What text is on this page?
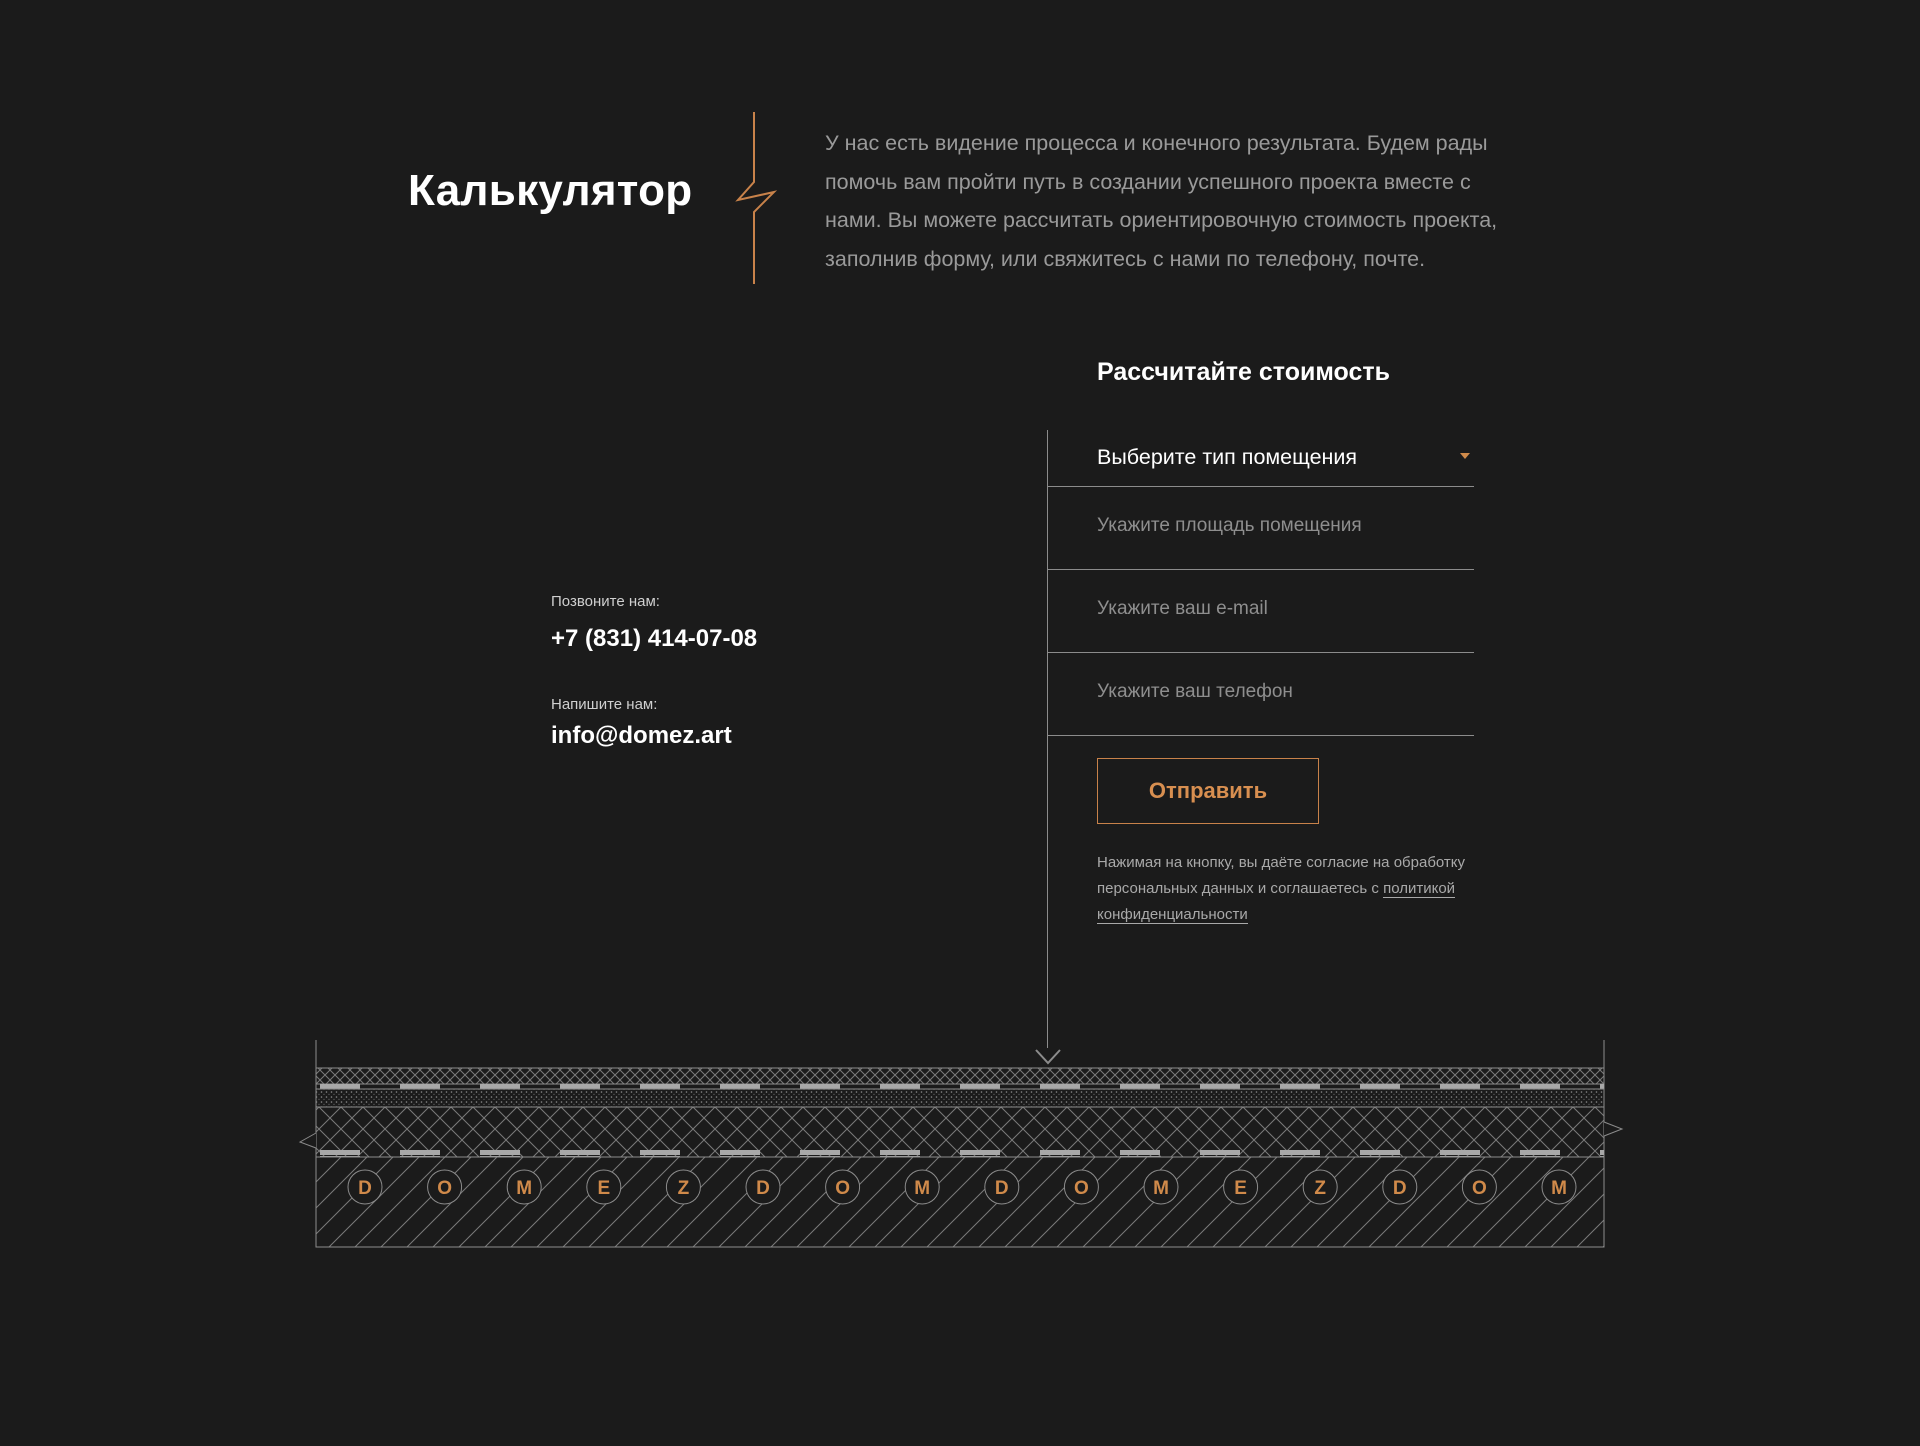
Калькулятор

У нас есть видение процесса и конечного результата. Будем рады помочь вам пройти путь в создании успешного проекта вместе с нами. Вы можете рассчитать ориентировочную стоимость проекта, заполнив форму, или свяжитесь с нами по телефону, почте.

Позвоните нам:
+7 (831) 414-07-08
Напишите нам:
info@domez.art
Рассчитайте стоимость
Выберите тип помещения
Укажите площадь помещения
Укажите ваш e-mail
Укажите ваш телефон
Отправить
Нажимая на кнопку, вы даёте согласие на обработку персональных данных и соглашаетесь с политикой конфиденциальности
D	O	M	E	Z	D	O	M	D	O	M	E	Z	D	O	M
